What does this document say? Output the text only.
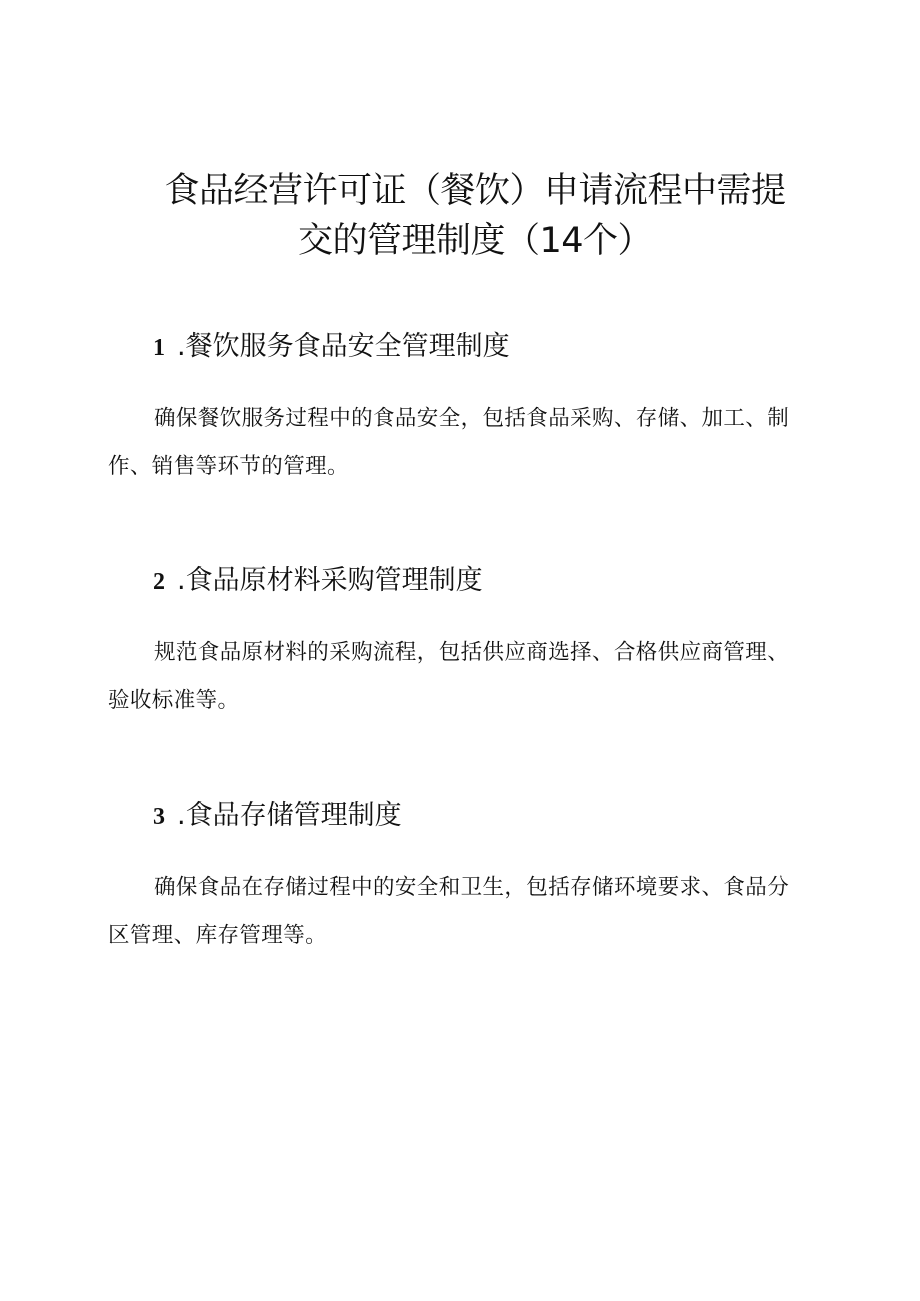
食品经营许可证（餐饮）申请流程中需提
交的管理制度（14个）
1 .餐饮服务食品安全管理制度

确保餐饮服务过程中的食品安全，包括食品采购、存储、加工、制作、销售等环节的管理。

2 .食品原材料采购管理制度

规范食品原材料的采购流程，包括供应商选择、合格供应商管理、验收标准等。

3 .食品存储管理制度

确保食品在存储过程中的安全和卫生，包括存储环境要求、食品分区管理、库存管理等。
